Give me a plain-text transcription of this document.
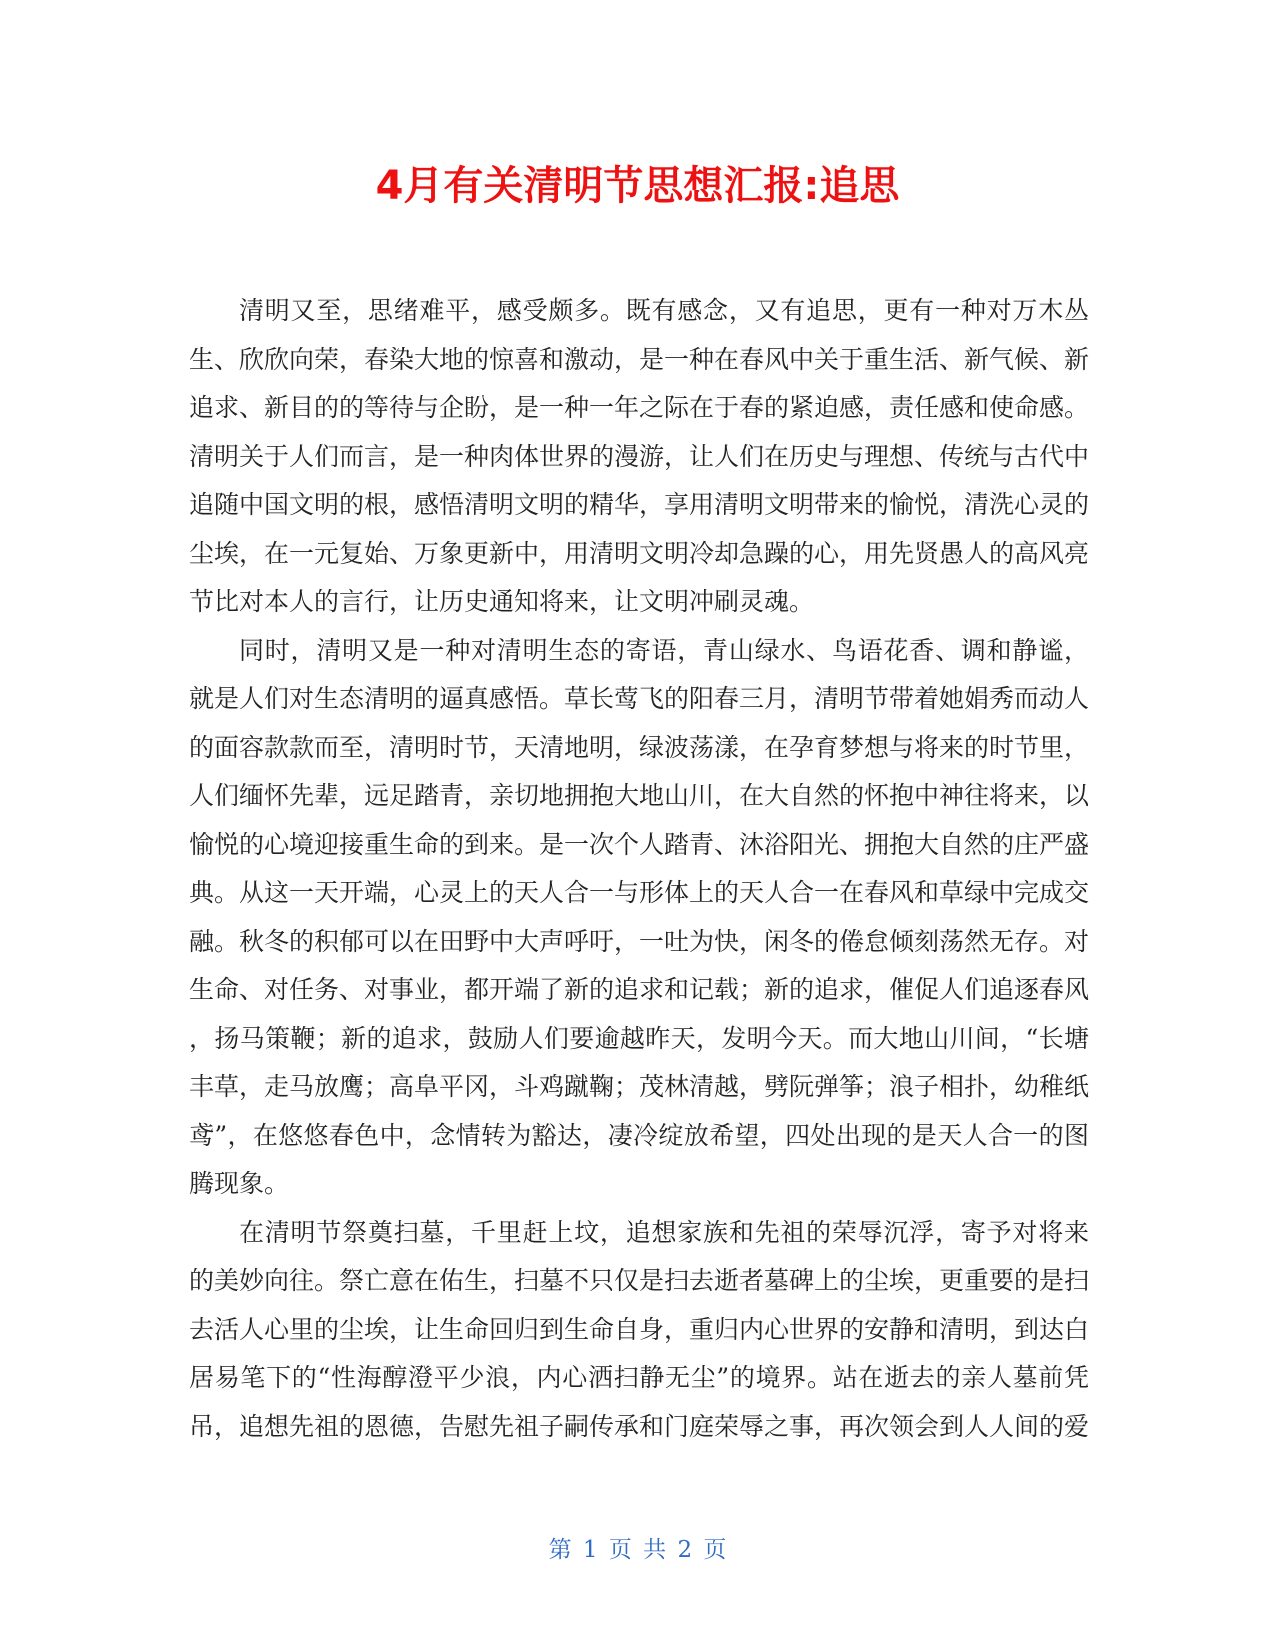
4月有关清明节思想汇报:追思
清明又至，思绪难平，感受颇多。既有感念，又有追思，更有一种对万木丛
生、欣欣向荣，春染大地的惊喜和激动，是一种在春风中关于重生活、新气候、新
追求、新目的的等待与企盼，是一种一年之际在于春的紧迫感，责任感和使命感。
清明关于人们而言，是一种肉体世界的漫游，让人们在历史与理想、传统与古代中
追随中国文明的根，感悟清明文明的精华，享用清明文明带来的愉悦，清洗心灵的
尘埃，在一元复始、万象更新中，用清明文明冷却急躁的心，用先贤愚人的高风亮
节比对本人的言行，让历史通知将来，让文明冲刷灵魂。
同时，清明又是一种对清明生态的寄语，青山绿水、鸟语花香、调和静谧，
就是人们对生态清明的逼真感悟。草长莺飞的阳春三月，清明节带着她娟秀而动人
的面容款款而至，清明时节，天清地明，绿波荡漾，在孕育梦想与将来的时节里，
人们缅怀先辈，远足踏青，亲切地拥抱大地山川，在大自然的怀抱中神往将来，以
愉悦的心境迎接重生命的到来。是一次个人踏青、沐浴阳光、拥抱大自然的庄严盛
典。从这一天开端，心灵上的天人合一与形体上的天人合一在春风和草绿中完成交
融。秋冬的积郁可以在田野中大声呼吁，一吐为快，闲冬的倦怠倾刻荡然无存。对
生命、对任务、对事业，都开端了新的追求和记载；新的追求，催促人们追逐春风
，扬马策鞭；新的追求，鼓励人们要逾越昨天，发明今天。而大地山川间，“长塘
丰草，走马放鹰；高阜平冈，斗鸡蹴鞠；茂林清越，劈阮弹筝；浪子相扑，幼稚纸
鸢”，在悠悠春色中，念情转为豁达，凄冷绽放希望，四处出现的是天人合一的图
腾现象。
在清明节祭奠扫墓，千里赶上坟，追想家族和先祖的荣辱沉浮，寄予对将来
的美妙向往。祭亡意在佑生，扫墓不只仅是扫去逝者墓碑上的尘埃，更重要的是扫
去活人心里的尘埃，让生命回归到生命自身，重归内心世界的安静和清明，到达白
居易笔下的“性海醇澄平少浪，内心洒扫静无尘”的境界。站在逝去的亲人墓前凭
吊，追想先祖的恩德，告慰先祖子嗣传承和门庭荣辱之事，再次领会到人人间的爱
第 1 页 共 2 页
